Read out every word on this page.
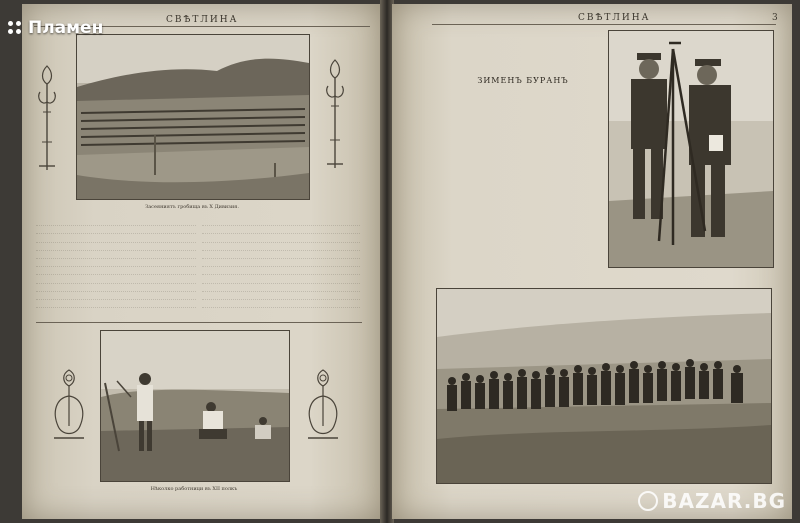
СВѢТЛИНА
Засеяниятъ гробища въ X Дивизия.
Нѣколко работници въ XII полкъ
СВѢТЛИНА	3
ЗИМЕНЪ БУРАНЪ
Пламен
BAZAR.BG
